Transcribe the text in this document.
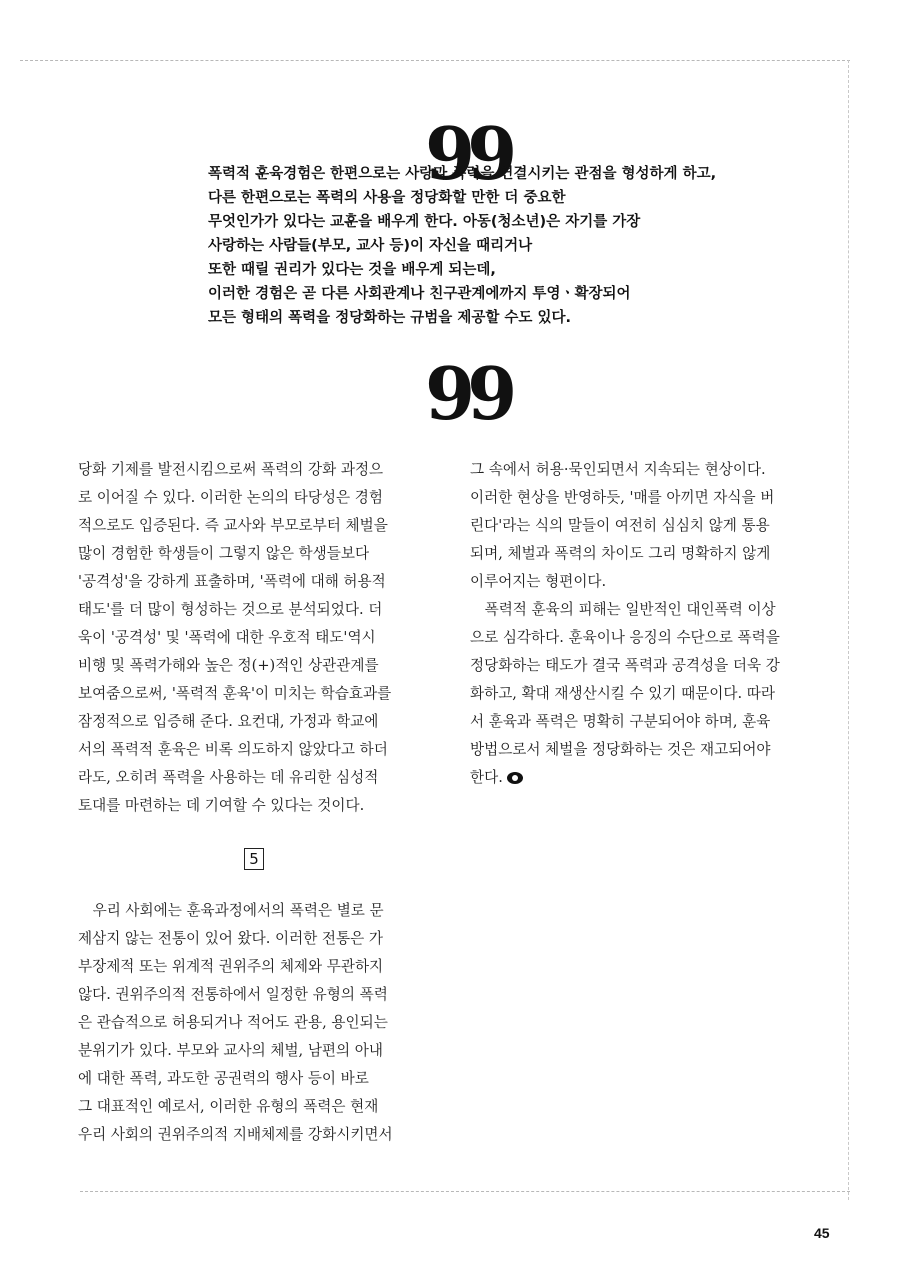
99
폭력적 훈육경험은 한편으로는 사랑과 폭력을 연결시키는 관점을 형성하게 하고,
다른 한편으로는 폭력의 사용을 정당화할 만한 더 중요한
무엇인가가 있다는 교훈을 배우게 한다. 아동(청소년)은 자기를 가장
사랑하는 사람들(부모, 교사 등)이 자신을 때리거나
또한 때릴 권리가 있다는 것을 배우게 되는데,
이러한 경험은 곧 다른 사회관계나 친구관계에까지 투영ㆍ확장되어
모든 형태의 폭력을 정당화하는 규범을 제공할 수도 있다.
99
당화 기제를 발전시킴으로써 폭력의 강화 과정으
로 이어질 수 있다. 이러한 논의의 타당성은 경험
적으로도 입증된다. 즉 교사와 부모로부터 체벌을
많이 경험한 학생들이 그렇지 않은 학생들보다
'공격성'을 강하게 표출하며, '폭력에 대해 허용적
태도'를 더 많이 형성하는 것으로 분석되었다. 더
욱이 '공격성' 및 '폭력에 대한 우호적 태도'역시
비행 및 폭력가해와 높은 정(+)적인 상관관계를
보여줌으로써, '폭력적 훈육'이 미치는 학습효과를
잠정적으로 입증해 준다. 요컨대, 가정과 학교에
서의 폭력적 훈육은 비록 의도하지 않았다고 하더
라도, 오히려 폭력을 사용하는 데 유리한 심성적
토대를 마련하는 데 기여할 수 있다는 것이다.
5
　우리 사회에는 훈육과정에서의 폭력은 별로 문
제삼지 않는 전통이 있어 왔다. 이러한 전통은 가
부장제적 또는 위계적 권위주의 체제와 무관하지
않다. 권위주의적 전통하에서 일정한 유형의 폭력
은 관습적으로 허용되거나 적어도 관용, 용인되는
분위기가 있다. 부모와 교사의 체벌, 남편의 아내
에 대한 폭력, 과도한 공권력의 행사 등이 바로
그 대표적인 예로서, 이러한 유형의 폭력은 현재
우리 사회의 권위주의적 지배체제를 강화시키면서
그 속에서 허용·묵인되면서 지속되는 현상이다.
이러한 현상을 반영하듯, '매를 아끼면 자식을 버
린다'라는 식의 말들이 여전히 심심치 않게 통용
되며, 체벌과 폭력의 차이도 그리 명확하지 않게
이루어지는 형편이다.
　폭력적 훈육의 피해는 일반적인 대인폭력 이상
으로 심각하다. 훈육이나 응징의 수단으로 폭력을
정당화하는 태도가 결국 폭력과 공격성을 더욱 강
화하고, 확대 재생산시킬 수 있기 때문이다. 따라
서 훈육과 폭력은 명확히 구분되어야 하며, 훈육
방법으로서 체벌을 정당화하는 것은 재고되어야
한다.
45
